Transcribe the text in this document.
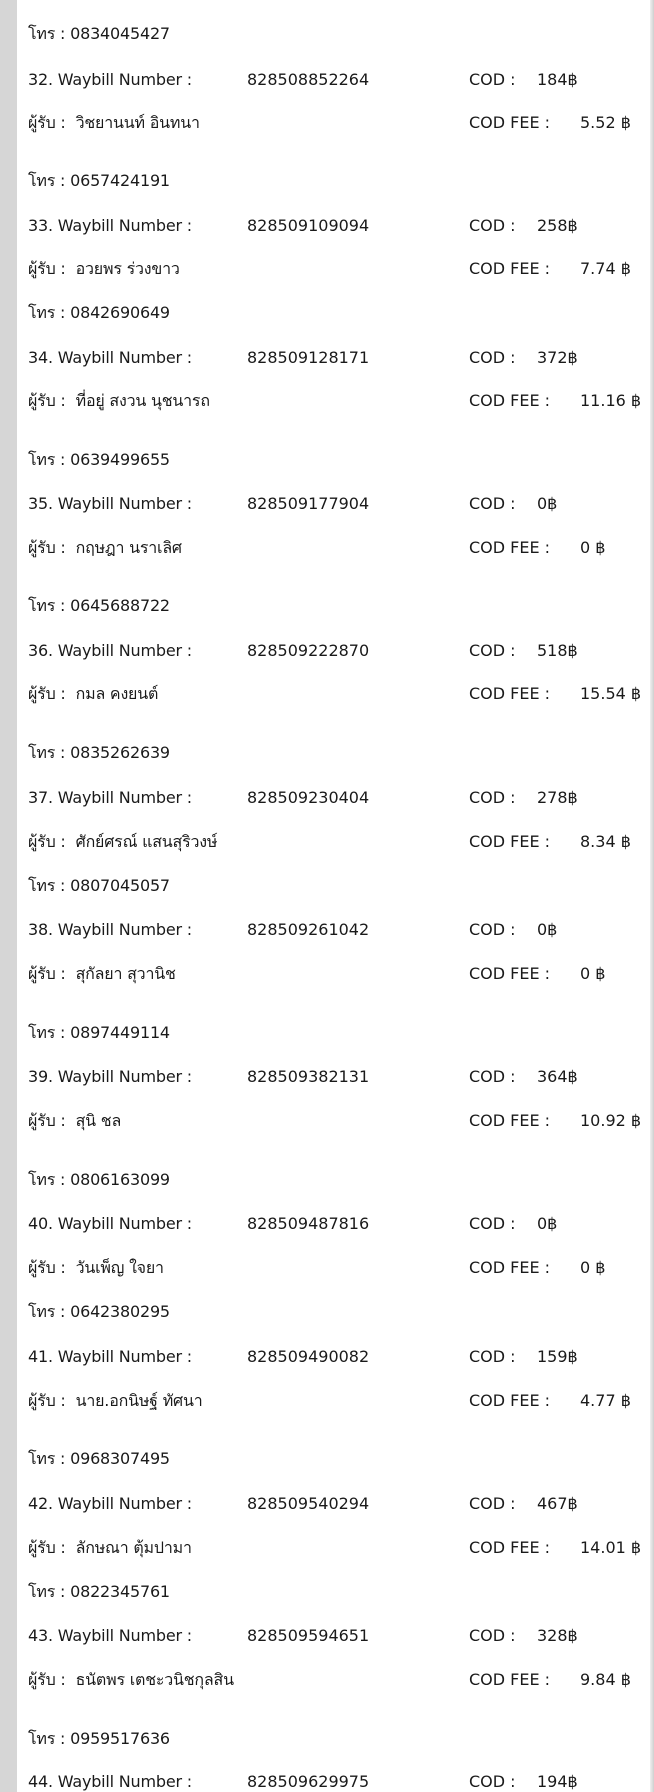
โทร : 0834045427
32. Waybill Number :	828508852264	COD : 184฿
ผู้รับ : วิชยานนท์ อินทนา	COD FEE : 5.52 ฿
โทร : 0657424191
33. Waybill Number :	828509109094	COD : 258฿
ผู้รับ : อวยพร ร่วงขาว	COD FEE : 7.74 ฿
โทร : 0842690649
34. Waybill Number :	828509128171	COD : 372฿
ผู้รับ : ที่อยู่ สงวน นุชนารถ	COD FEE : 11.16 ฿
โทร : 0639499655
35. Waybill Number :	828509177904	COD : 0฿
ผู้รับ : กฤษฎา นราเลิศ	COD FEE : 0 ฿
โทร : 0645688722
36. Waybill Number :	828509222870	COD : 518฿
ผู้รับ : กมล คงยนต์	COD FEE : 15.54 ฿
โทร : 0835262639
37. Waybill Number :	828509230404	COD : 278฿
ผู้รับ : ศักย์ศรณ์ แสนสุริวงษ์	COD FEE : 8.34 ฿
โทร : 0807045057
38. Waybill Number :	828509261042	COD : 0฿
ผู้รับ : สุกัลยา สุวานิช	COD FEE : 0 ฿
โทร : 0897449114
39. Waybill Number :	828509382131	COD : 364฿
ผู้รับ : สุนิ ชล	COD FEE : 10.92 ฿
โทร : 0806163099
40. Waybill Number :	828509487816	COD : 0฿
ผู้รับ : วันเพ็ญ ใจยา	COD FEE : 0 ฿
โทร : 0642380295
41. Waybill Number :	828509490082	COD : 159฿
ผู้รับ : นาย.อกนิษฐ์ ทัศนา	COD FEE : 4.77 ฿
โทร : 0968307495
42. Waybill Number :	828509540294	COD : 467฿
ผู้รับ : ลักษณา ตุ้มปามา	COD FEE : 14.01 ฿
โทร : 0822345761
43. Waybill Number :	828509594651	COD : 328฿
ผู้รับ : ธนัตพร เตชะวนิชกุลสิน	COD FEE : 9.84 ฿
โทร : 0959517636
44. Waybill Number :	828509629975	COD : 194฿
